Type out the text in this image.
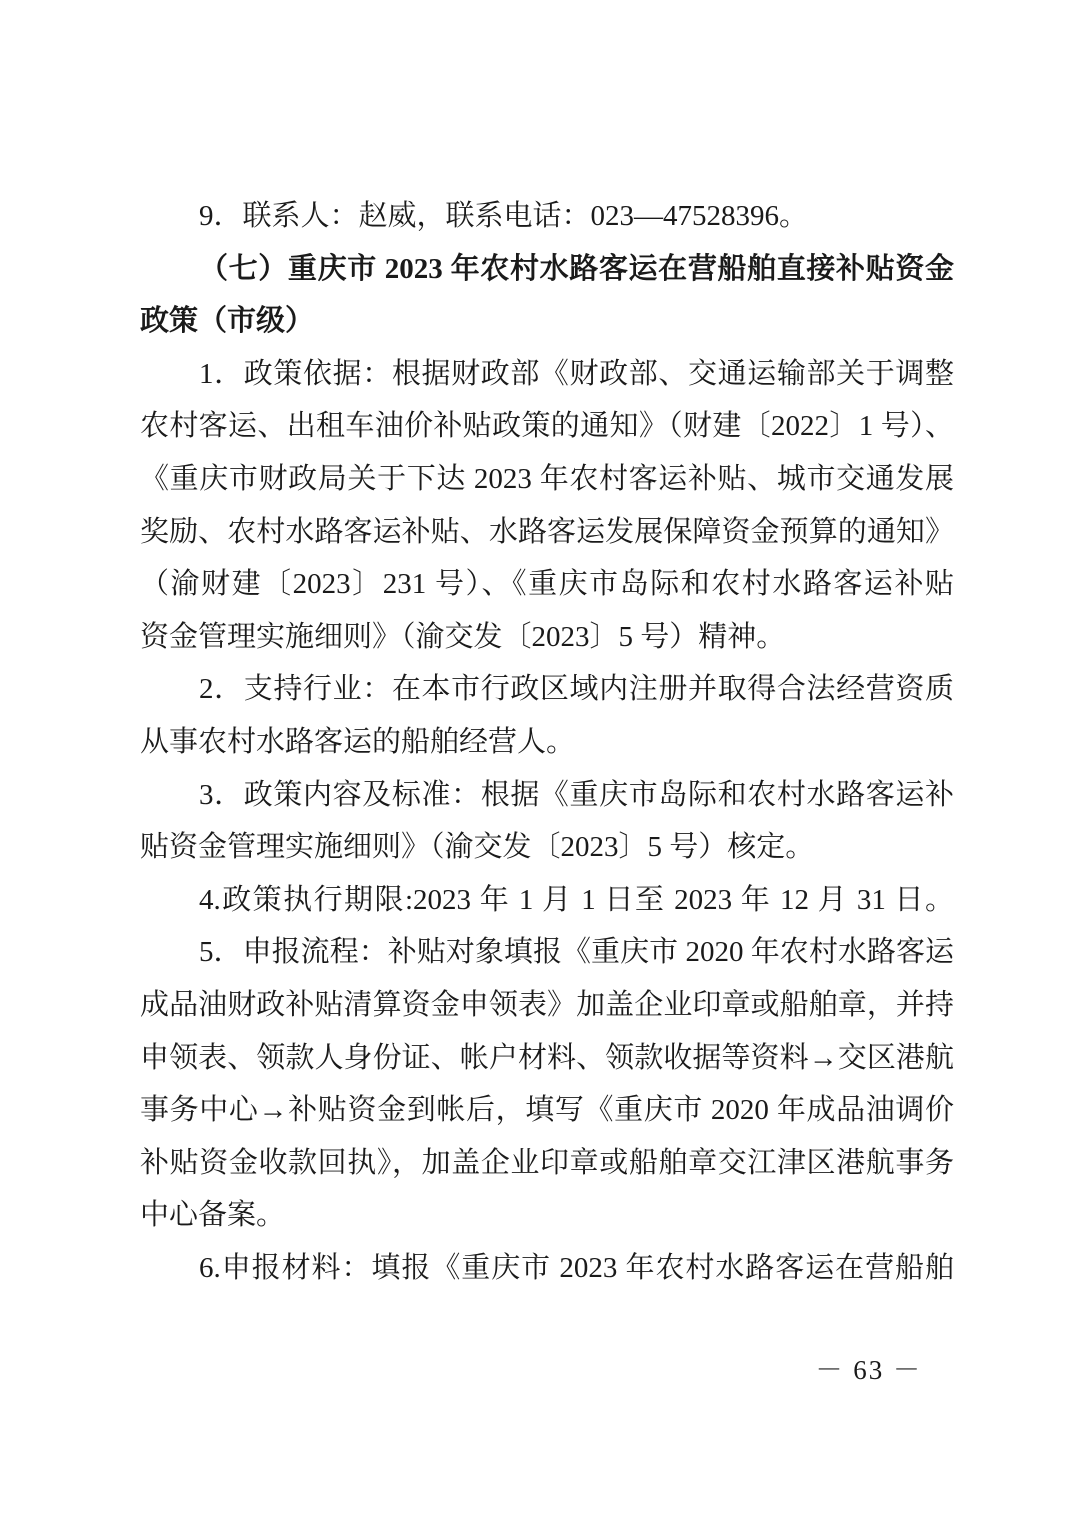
9．联系人：赵威，联系电话：023—47528396。
（七）重庆市 2023 年农村水路客运在营船舶直接补贴资金
政策（市级）
1．政策依据：根据财政部《财政部、交通运输部关于调整
农村客运、出租车油价补贴政策的通知》（财建〔2022〕1 号）、
《重庆市财政局关于下达 2023 年农村客运补贴、城市交通发展
奖励、农村水路客运补贴、水路客运发展保障资金预算的通知》
（渝财建〔2023〕231 号）、《重庆市岛际和农村水路客运补贴
资金管理实施细则》（渝交发〔2023〕5 号）精神。
2．支持行业：在本市行政区域内注册并取得合法经营资质
从事农村水路客运的船舶经营人。
3．政策内容及标准：根据《重庆市岛际和农村水路客运补
贴资金管理实施细则》（渝交发〔2023〕5 号）核定。
4.政策执行期限:2023 年 1 月 1 日至 2023 年 12 月 31 日。
5．申报流程：补贴对象填报《重庆市 2020 年农村水路客运
成品油财政补贴清算资金申领表》加盖企业印章或船舶章，并持
申领表、领款人身份证、帐户材料、领款收据等资料→交区港航
事务中心→补贴资金到帐后，填写《重庆市 2020 年成品油调价
补贴资金收款回执》，加盖企业印章或船舶章交江津区港航事务
中心备案。
6.申报材料：填报《重庆市 2023 年农村水路客运在营船舶
－ 63 －
